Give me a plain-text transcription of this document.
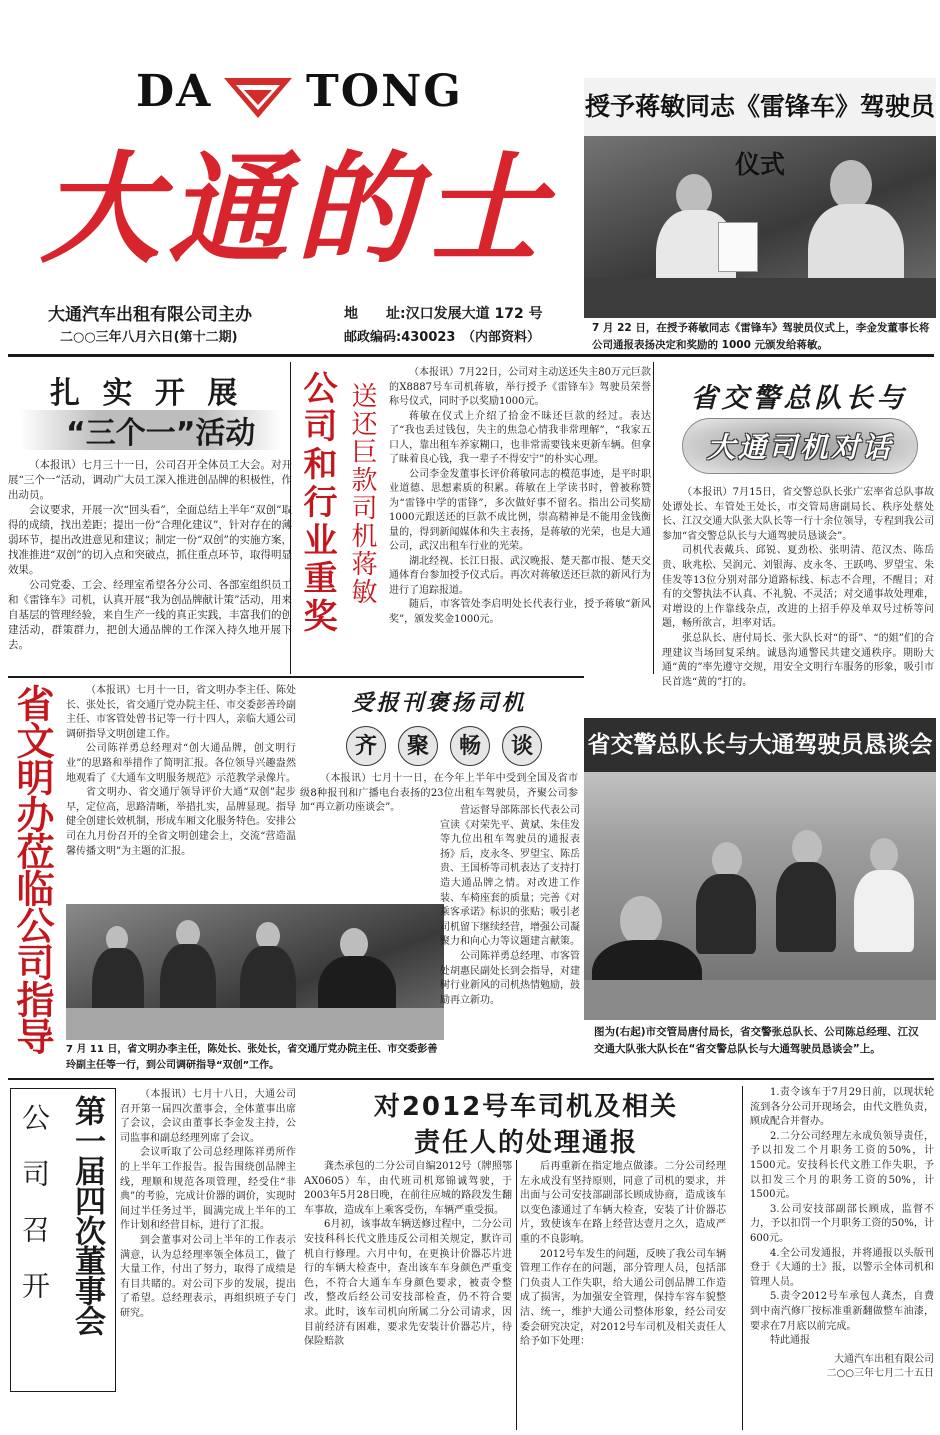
DA TONG
大通的士
大通汽车出租有限公司主办
二○○三年八月六日(第十二期)
地　　址:汉口发展大道 172 号
邮政编码:430023　（内部资料）
授予蒋敏同志《雷锋车》驾驶员仪式
7 月 22 日，在授予蒋敏同志《雷锋车》驾驶员仪式上，李金发董事长将公司通报表扬决定和奖励的 1000 元颁发给蒋敏。
扎 实 开 展
“三个一”活动

（本报讯）七月三十一日，公司召开全体员工大会。对开展“三个一”活动，调动广大员工深入推进创品牌的积极性，作出动员。

会议要求，开展一次“回头看”，全面总结上半年“双创”取得的成绩，找出差距；提出一份“合理化建议”，针对存在的薄弱环节，提出改进意见和建议；制定一份“双创”的实施方案，找准推进“双创”的切入点和突破点，抓住重点环节，取得明显效果。

公司党委、工会、经理室希望各分公司、各部室组织员工和《雷锋车》司机，认真开展“我为创品牌献计策”活动，用来自基层的管理经验，来自生产一线的真正实践，丰富我们的创建活动，群策群力，把创大通品牌的工作深入持久地开展下去。

公司和行业重奖 送还巨款司机蒋敏

（本报讯）7月22日，公司对主动送还失主80万元巨款的X8887号车司机蒋敏，举行授予《雷锋车》驾驶员荣誉称号仪式，同时予以奖励1000元。

蒋敏在仪式上介绍了拾金不昧还巨款的经过。表达了“我也丢过钱包，失主的焦急心情我非常理解”，“我家五口人，靠出租车养家糊口，也非常需要钱来更新车辆。但拿了昧着良心钱，我一辈子不得安宁”的朴实心理。

公司李金发董事长评价蒋敏同志的模范事迹，是平时职业道德、思想素质的积累。蒋敏在上学读书时，曾被称赞为“雷锋中学的雷锋”，多次做好事不留名。指出公司奖励1000元跟送还的巨款不成比例，崇高精神是不能用金钱衡量的，得到新闻媒体和失主表扬，是蒋敏的光荣，也是大通公司，武汉出租车行业的光荣。

湖北经视、长江日报、武汉晚报、楚天都市报、楚天交通体育台参加授予仪式后。再次对蒋敏送还巨款的新风行为进行了追踪报道。

随后，市客管处李启明处长代表行业，授予蒋敏“新风奖”，颁发奖金1000元。

省交警总队长与
大通司机对话

（本报讯）7月15日，省交警总队长张广宏率省总队事故处谭处长、车管处王处长，市交管局唐副局长、秩序处蔡处长、江汉交通大队张大队长等一行十余位领导，专程到我公司参加“省交警总队长与大通驾驶员恳谈会”。

司机代表戴兵、邱锐、夏劲松、张明清、范汉杰、陈岳贵、耿兆松、吴润元、刘银海、皮永冬、王跃鸣、罗望宝、朱佳发等13位分别对部分道路标线、标志不合理，不醒目；对有的交警执法不认真、不礼貌、不灵活；对交通事故处理难，对增设的上作靠线杂点，改进的上招手停及单双号过桥等问题，畅所欲言，坦率对话。

张总队长、唐付局长、张大队长对“的哥”、“的姐”们的合理建议当场回复采纳。诚恳沟通警民共建交通秩序。期盼大通“黄的”率先遵守交规，用安全文明行车服务的形象，吸引市民首选“黄的”打的。

省文明办莅临公司指导	（本报讯）七月十一日，省文明办李主任、陈处长、张处长，省交通厅党办院主任、市交委彭善玲副主任、市客管处曾书记等一行十四人，亲临大通公司调研指导文明创建工作。

公司陈祥勇总经理对“创大通品牌，创文明行业”的思路和举措作了简明汇报。各位领导兴趣盎然地观看了《大通车文明服务规范》示范教学录像片。

省文明办、省交通厅领导评价大通“双创”起步早，定位高，思路清晰，举措扎实，品牌显现。指导健全创建长效机制，形成车厢文化服务特色。安排公司在九月份召开的全省文明创建会上，交流“营造温馨传播文明”为主题的汇报。

7 月 11 日，省文明办李主任，陈处长、张处长，省交通厅党办院主任、市交委彭善玲副主任等一行，到公司调研指导“双创”工作。
受报刊褒扬司机
齐	聚	畅	谈

（本报讯）七月十一日，在今年上半年中受到全国及省市级8种报刊和广播电台表扬的23位出租车驾驶员，齐聚公司参加“再立新功座谈会”。	营运督导部陈部长代表公司宣读《对荣先平、黄斌、朱佳发等九位出租车驾驶员的通报表扬》后，皮永冬、罗望宝、陈岳贵、王国桥等司机表达了支持打造大通品牌之情。对改进工作装、车椅座套的质量；完善《对乘客承诺》标识的张贴；吸引老司机留下继续经营，增强公司凝聚力和向心力等议题建言献策。

公司陈祥勇总经理、市客管处胡惠民副处长到会指导，对建树行业新风的司机热情勉励，鼓励再立新功。

省交警总队长与大通驾驶员恳谈会
图为(右起)市交管局唐付局长，省交警张总队长、公司陈总经理、江汉交通大队张大队长在“省交警总队长与大通驾驶员恳谈会”上。
公　司　召　开 第一届四次董事会

（本报讯）七月十八日，大通公司召开第一届四次董事会，全体董事出席了会议，会议由董事长李金发主持，公司监事和副总经理列席了会议。

会议听取了公司总经理陈祥勇所作的上半年工作报告。报告围绕创品牌主线，理顺和规范各项管理，经受住“非典”的考验，完成计价器的调价，实现时间过半任务过半，圆满完成上半年的工作计划和经营目标，进行了汇报。

到会董事对公司上半年的工作表示满意，认为总经理率领全体员工，做了大量工作，付出了努力，取得了成绩是有目共睹的。对公司下步的发展，提出了希望。总经理表示，再组织班子专门研究。

对2012号车司机及相关
责任人的处理通报

龚杰承包的二分公司自编2012号（牌照鄂AX0605）车，由代班司机郑锦诚驾驶，于2003年5月28日晚，在前往应城的路段发生翻车事故，造成车上乘客受伤，车辆严重受损。

6月初，该事故车辆送修过程中，二分公司安技科科长代文胜违反公司相关规定，默许司机自行修理。六月中旬，在更换计价器芯片进行的车辆大检查中，查出该车车身颜色严重变色，不符合大通车车身颜色要求，被责令整改，整改后经公司安技部检查，仍不符合要求。此时，该车司机向所属二分公司请求，因目前经济有困难，要求先安装计价器芯片，待保险赔款

后再重新在指定地点做漆。二分公司经理左永成没有坚持原则，同意了司机的要求，并出面与公司安技部副部长顾成协商，造成该车以变色漆通过了车辆大检查，安装了计价器芯片，致使该车在路上经营达壹月之久，造成严重的不良影响。

2012号车发生的问题，反映了我公司车辆管理工作存在的问题，部分管理人员，包括部门负责人工作失职，给大通公司创品牌工作造成了损害，为加强安全管理，保持车容车貌整洁、统一，维护大通公司整体形象，经公司安委会研究决定，对2012号车司机及相关责任人给予如下处理：

1.责令该车于7月29日前，以现状轮流到各分公司开现场会，由代文胜负责，顾成配合并督办。

2.二分公司经理左永成负领导责任，予以扣发二个月职务工资的50%，计1500元。安技科长代文胜工作失职，予以扣发三个月的职务工资的50%，计1500元。

3.公司安技部副部长顾成，监督不力，予以扣罚一个月职务工资的50%，计600元。

4.全公司发通报，并将通报以头版刊登于《大通的士》报，以警示全体司机和管理人员。

5.责令2012号车承包人龚杰，自费到中南汽修厂按标准重新翻做整车油漆，要求在7月底以前完成。

特此通报

大通汽车出租有限公司
二○○三年七月二十五日
